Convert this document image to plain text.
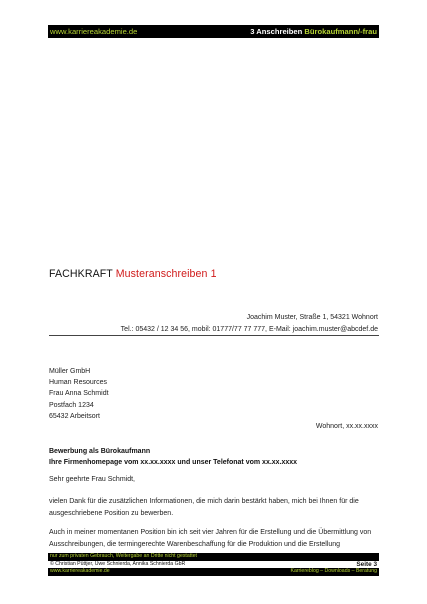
www.karriereakademie.de	3 Anschreiben Bürokaufmann/-frau
FACHKRAFT Musteranschreiben 1
Joachim Muster, Straße 1, 54321 Wohnort
Tel.: 05432 / 12 34 56, mobil: 01777/77 77 777, E-Mail: joachim.muster@abcdef.de
Müller GmbH
Human Resources
Frau Anna Schmidt
Postfach 1234
65432 Arbeitsort
Wohnort, xx.xx.xxxx
Bewerbung als Bürokaufmann
Ihre Firmenhomepage vom xx.xx.xxxx und unser Telefonat vom xx.xx.xxxx

Sehr geehrte Frau Schmidt,

vielen Dank für die zusätzlichen Informationen, die mich darin bestärkt haben, mich bei Ihnen für die ausgeschriebene Position zu bewerben.

Auch in meiner momentanen Position bin ich seit vier Jahren für die Erstellung und die Übermittlung von Ausschreibungen, die termingerechte Warenbeschaffung für die Produktion und die Erstellung

nur zum privaten Gebrauch, Weitergabe an Dritte nicht gestattet
© Christian Püttjer, Uwe Schnierda, Annika Schnierda GbR	Seite 3
www.karriereakademie.de	Karriereblog – Downloads – Beratung
